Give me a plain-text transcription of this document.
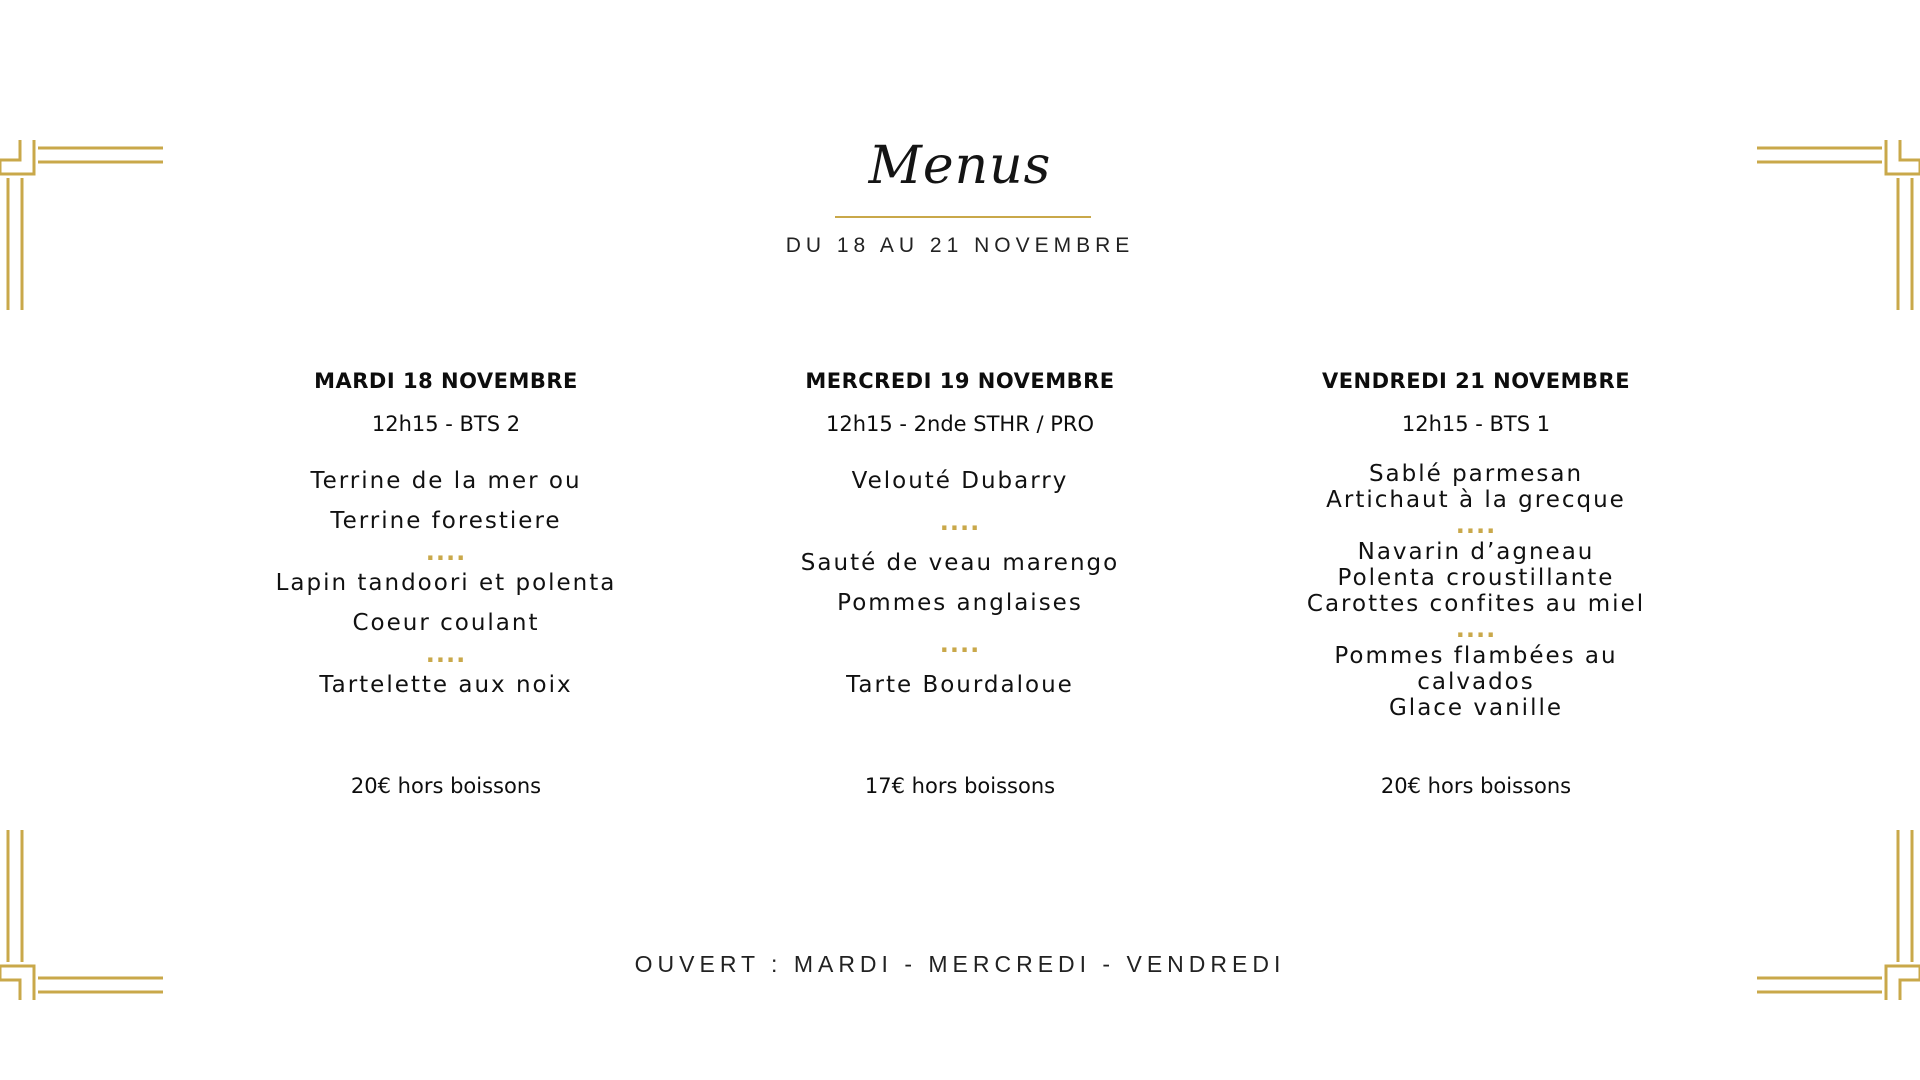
Menus
DU 18 AU 21 NOVEMBRE
MARDI 18 NOVEMBRE
12h15 - BTS 2
Terrine de la mer ou
Terrine forestiere
....
Lapin tandoori et polenta
Coeur coulant
....
Tartelette aux noix
20€ hors boissons
MERCREDI 19 NOVEMBRE
12h15 - 2nde STHR / PRO
Velouté Dubarry
....
Sauté de veau marengo
Pommes anglaises
....
Tarte Bourdaloue
17€ hors boissons
VENDREDI 21 NOVEMBRE
12h15 - BTS 1
Sablé parmesan
Artichaut à la grecque
....
Navarin d’agneau
Polenta croustillante
Carottes confites au miel
....
Pommes flambées au
calvados
Glace vanille
20€ hors boissons
OUVERT : MARDI - MERCREDI - VENDREDI
